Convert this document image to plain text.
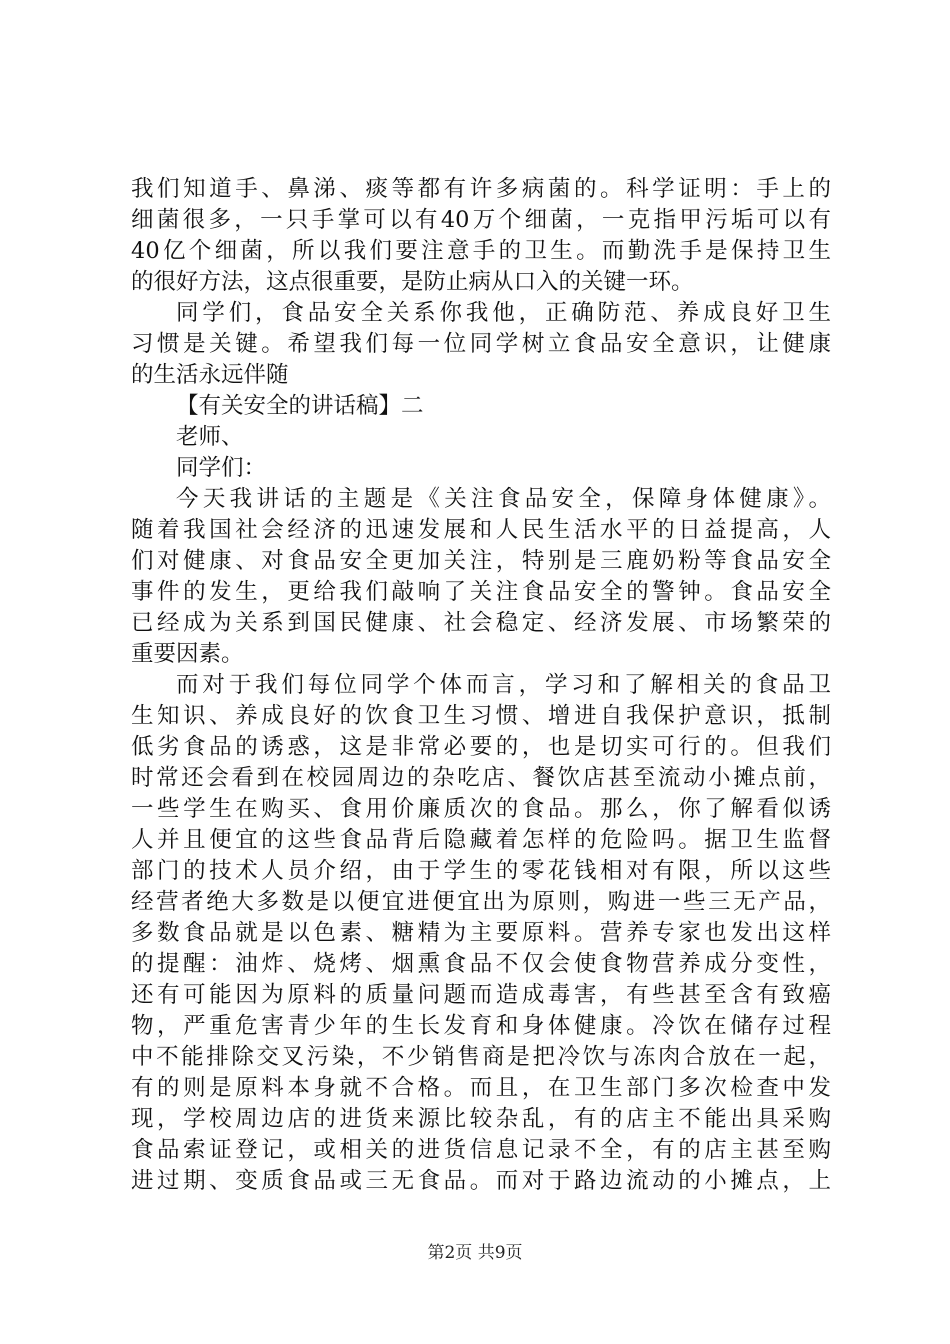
我们知道手、鼻涕、痰等都有许多病菌的。科学证明：手上的
细菌很多，一只手掌可以有40万个细菌，一克指甲污垢可以有
40亿个细菌，所以我们要注意手的卫生。而勤洗手是保持卫生
的很好方法，这点很重要，是防止病从口入的关键一环。
同学们，食品安全关系你我他，正确防范、养成良好卫生
习惯是关键。希望我们每一位同学树立食品安全意识，让健康
的生活永远伴随
【有关安全的讲话稿】二
老师、
同学们：
今天我讲话的主题是《关注食品安全，保障身体健康》。
随着我国社会经济的迅速发展和人民生活水平的日益提高，人
们对健康、对食品安全更加关注，特别是三鹿奶粉等食品安全
事件的发生，更给我们敲响了关注食品安全的警钟。食品安全
已经成为关系到国民健康、社会稳定、经济发展、市场繁荣的
重要因素。
而对于我们每位同学个体而言，学习和了解相关的食品卫
生知识、养成良好的饮食卫生习惯、增进自我保护意识，抵制
低劣食品的诱惑，这是非常必要的，也是切实可行的。但我们
时常还会看到在校园周边的杂吃店、餐饮店甚至流动小摊点前，
一些学生在购买、食用价廉质次的食品。那么，你了解看似诱
人并且便宜的这些食品背后隐藏着怎样的危险吗。据卫生监督
部门的技术人员介绍，由于学生的零花钱相对有限，所以这些
经营者绝大多数是以便宜进便宜出为原则，购进一些三无产品，
多数食品就是以色素、糖精为主要原料。营养专家也发出这样
的提醒：油炸、烧烤、烟熏食品不仅会使食物营养成分变性，
还有可能因为原料的质量问题而造成毒害，有些甚至含有致癌
物，严重危害青少年的生长发育和身体健康。冷饮在储存过程
中不能排除交叉污染，不少销售商是把冷饮与冻肉合放在一起，
有的则是原料本身就不合格。而且，在卫生部门多次检查中发
现，学校周边店的进货来源比较杂乱，有的店主不能出具采购
食品索证登记，或相关的进货信息记录不全，有的店主甚至购
进过期、变质食品或三无食品。而对于路边流动的小摊点，上
第2页 共9页
